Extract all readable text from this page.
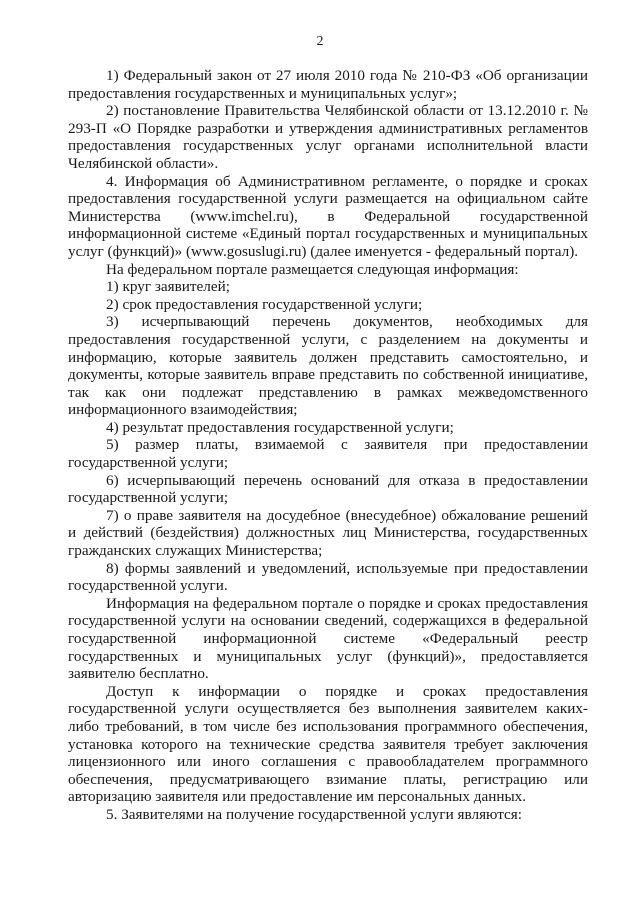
2

1) Федеральный закон от 27 июля 2010 года № 210-ФЗ «Об организации предоставления государственных и муниципальных услуг»;

2) постановление Правительства Челябинской области от 13.12.2010 г. № 293-П «О Порядке разработки и утверждения административных регламентов предоставления государственных услуг органами исполнительной власти Челябинской области».

4. Информация об Административном регламенте, о порядке и сроках предоставления государственной услуги размещается на официальном сайте Министерства (www.imchel.ru), в Федеральной государственной информационной системе «Единый портал государственных и муниципальных услуг (функций)» (www.gosuslugi.ru) (далее именуется - федеральный портал).

На федеральном портале размещается следующая информация:

1) круг заявителей;

2) срок предоставления государственной услуги;

3) исчерпывающий перечень документов, необходимых для предоставления государственной услуги, с разделением на документы и информацию, которые заявитель должен представить самостоятельно, и документы, которые заявитель вправе представить по собственной инициативе, так как они подлежат представлению в рамках межведомственного информационного взаимодействия;

4) результат предоставления государственной услуги;

5) размер платы, взимаемой с заявителя при предоставлении государственной услуги;

6) исчерпывающий перечень оснований для отказа в предоставлении государственной услуги;

7) о праве заявителя на досудебное (внесудебное) обжалование решений и действий (бездействия) должностных лиц Министерства, государственных гражданских служащих Министерства;

8) формы заявлений и уведомлений, используемые при предоставлении государственной услуги.

Информация на федеральном портале о порядке и сроках предоставления государственной услуги на основании сведений, содержащихся в федеральной государственной информационной системе «Федеральный реестр государственных и муниципальных услуг (функций)», предоставляется заявителю бесплатно.

Доступ к информации о порядке и сроках предоставления государственной услуги осуществляется без выполнения заявителем каких-либо требований, в том числе без использования программного обеспечения, установка которого на технические средства заявителя требует заключения лицензионного или иного соглашения с правообладателем программного обеспечения, предусматривающего взимание платы, регистрацию или авторизацию заявителя или предоставление им персональных данных.

5. Заявителями на получение государственной услуги являются:
